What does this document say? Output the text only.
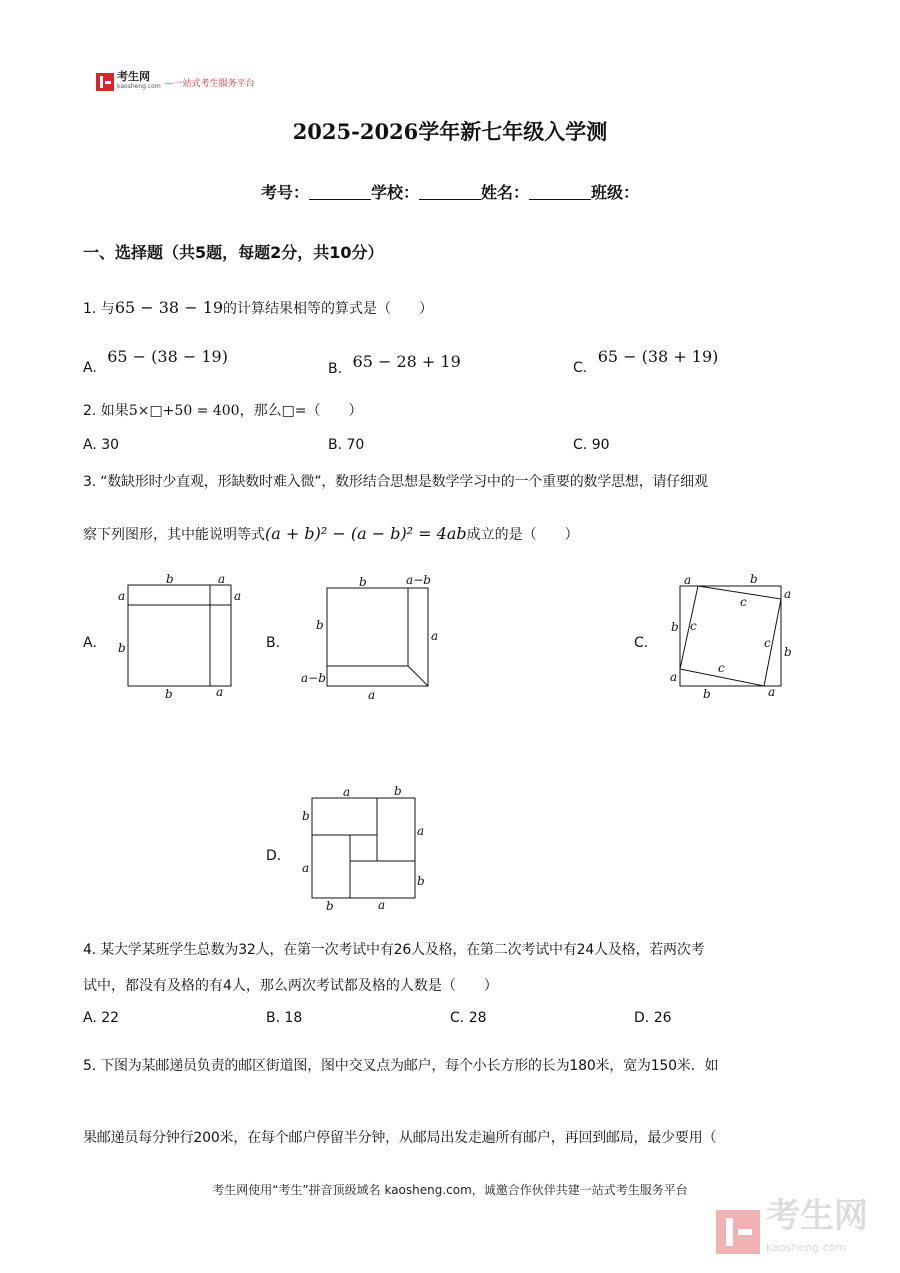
考生网
kaosheng.com —一站式考生服务平台
2025-2026学年新七年级入学测
考号：	学校：	姓名：	班级：
一、选择题（共5题，每题2分，共10分）
1. 与65 − 38 − 19的计算结果相等的算式是（　　）
A. 65 − (38 − 19)
B. 65 − 28 + 19	C. 65 − (38 + 19)
2. 如果5×□+50 = 400，那么□=（　　）
A. 30	B. 70	C. 90
3. “数缺形时少直观，形缺数时难入微”，数形结合思想是数学学习中的一个重要的数学思想，请仔细观
察下列图形，其中能说明等式(a + b)² − (a − b)² = 4ab成立的是（　　）
A.
b	a
a	a
b
b	a
B.
b	a−b
b
a
a−b
a
C.
a	b
c
a
b c
c
b
c
a
b	a
D.
a	b
b
a
a
b
b	a
4. 某大学某班学生总数为32人，在第一次考试中有26人及格，在第二次考试中有24人及格，若两次考
试中，都没有及格的有4人，那么两次考试都及格的人数是（　　）
A. 22	B. 18	C. 28	D. 26
5. 下图为某邮递员负责的邮区街道图，图中交叉点为邮户，每个小长方形的长为180米，宽为150米．如
果邮递员每分钟行200米，在每个邮户停留半分钟，从邮局出发走遍所有邮户，再回到邮局，最少要用（
考生网使用“考生”拼音顶级域名 kaosheng.com，诚邀合作伙伴共建一站式考生服务平台
考生网
kaosheng.com
